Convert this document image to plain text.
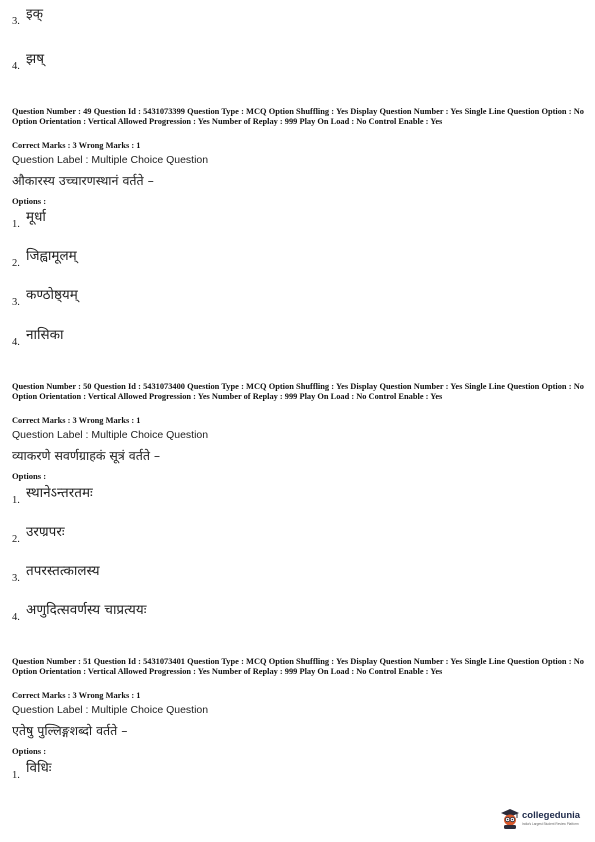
3. इक्
4. झष्
Question Number : 49 Question Id : 5431073399 Question Type : MCQ Option Shuffling : Yes Display Question Number : Yes Single Line Question Option : No Option Orientation : Vertical Allowed Progression : Yes Number of Replay : 999 Play On Load : No Control Enable : Yes
Correct Marks : 3 Wrong Marks : 1
Question Label : Multiple Choice Question
औकारस्य उच्चारणस्थानं वर्तते –
Options :
1. मूर्धा
2. जिह्वामूलम्
3. कण्ठोष्ठ्यम्
4. नासिका
Question Number : 50 Question Id : 5431073400 Question Type : MCQ Option Shuffling : Yes Display Question Number : Yes Single Line Question Option : No Option Orientation : Vertical Allowed Progression : Yes Number of Replay : 999 Play On Load : No Control Enable : Yes
Correct Marks : 3 Wrong Marks : 1
Question Label : Multiple Choice Question
व्याकरणे सवर्णग्राहकं सूत्रं वर्तते –
Options :
1. स्थानेऽन्तरतमः
2. उरण्रपरः
3. तपरस्तत्कालस्य
4. अणुदित्सवर्णस्य चाप्रत्ययः
Question Number : 51 Question Id : 5431073401 Question Type : MCQ Option Shuffling : Yes Display Question Number : Yes Single Line Question Option : No Option Orientation : Vertical Allowed Progression : Yes Number of Replay : 999 Play On Load : No Control Enable : Yes
Correct Marks : 3 Wrong Marks : 1
Question Label : Multiple Choice Question
एतेषु पुल्लिङ्गशब्दो वर्तते –
Options :
1. विधिः
collegedunia
India's Largest Student Review Platform
